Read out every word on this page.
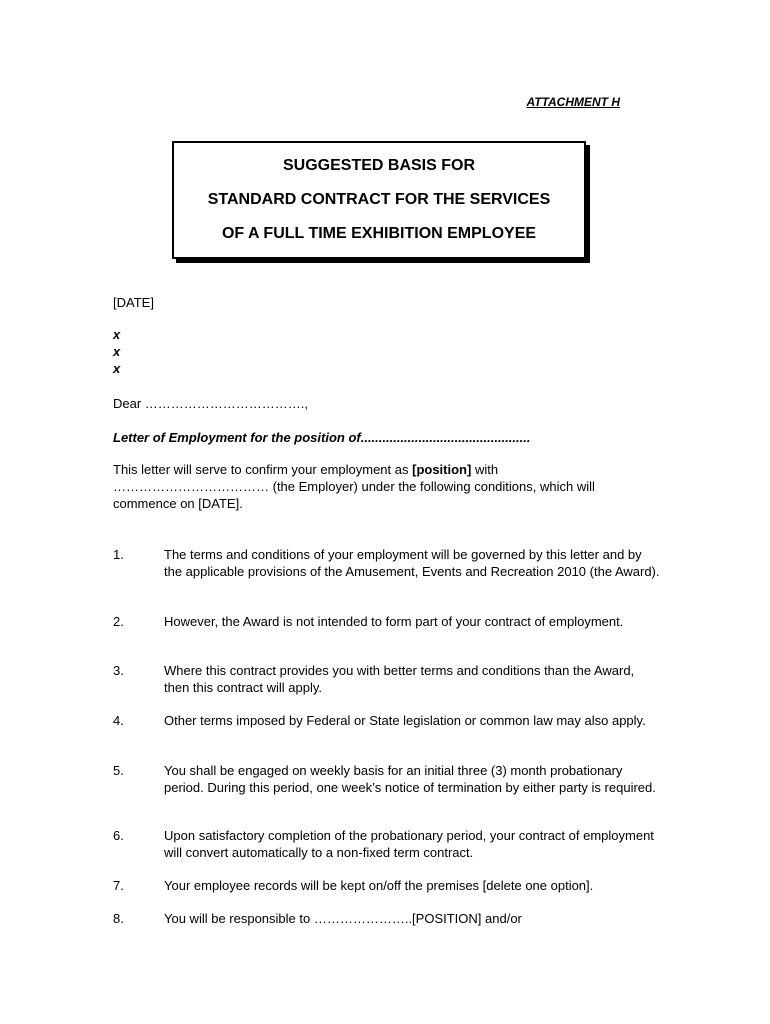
ATTACHMENT H
SUGGESTED BASIS FOR
STANDARD CONTRACT FOR THE SERVICES
OF A FULL TIME EXHIBITION EMPLOYEE
[DATE]
x
x
x
Dear ……………………………….,
Letter of Employment for the position of...............................................
This letter will serve to confirm your employment as [position] with ……………………………… (the Employer) under the following conditions, which will commence on [DATE].
1.	The terms and conditions of your employment will be governed by this letter and by the applicable provisions of the Amusement, Events and Recreation 2010 (the Award).
2.	However, the Award is not intended to form part of your contract of employment.
3.	Where this contract provides you with better terms and conditions than the Award, then this contract will apply.
4.	Other terms imposed by Federal or State legislation or common law may also apply.
5.	You shall be engaged on weekly basis for an initial three (3) month probationary period. During this period, one week’s notice of termination by either party is required.
6.	Upon satisfactory completion of the probationary period, your contract of employment will convert automatically to a non-fixed term contract.
7.	Your employee records will be kept on/off the premises [delete one option].
8.	You will be responsible to …………………..[POSITION] and/or
